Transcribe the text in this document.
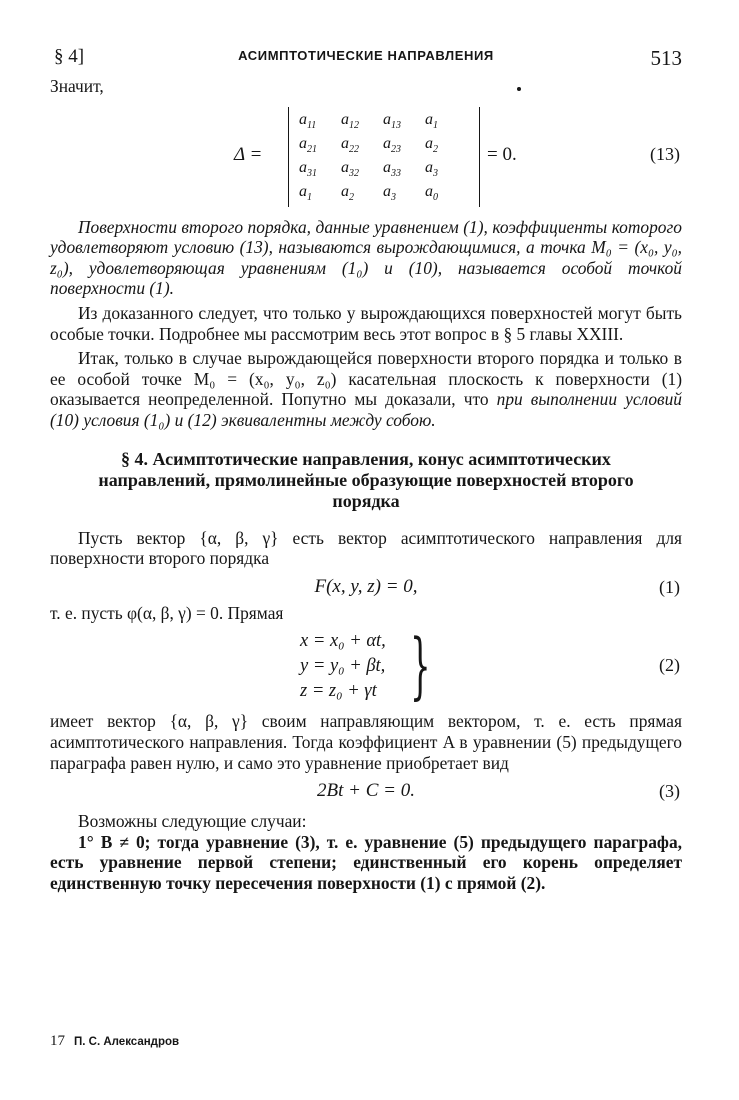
§ 4]	АСИМПТОТИЧЕСКИЕ НАПРАВЛЕНИЯ	513

Значит,

Δ =
$a_{11}$	$a_{12}$	$a_{13}$	$a_1$
$a_{21}$	$a_{22}$	$a_{23}$	$a_2$
$a_{31}$	$a_{32}$	$a_{33}$	$a_3$
$a_1$	$a_2$	$a_3$	$a_0$
= 0.	(13)

Поверхности второго порядка, данные уравнением (1), коэффициенты которого удовлетворяют условию (13), называются вырождающимися, а точка M₀ = (x₀, y₀, z₀), удовлетворяющая уравнениям (1₀) и (10), называется особой точкой поверхности (1).

Из доказанного следует, что только у вырождающихся поверхностей могут быть особые точки. Подробнее мы рассмотрим весь этот вопрос в § 5 главы XXIII.

Итак, только в случае вырождающейся поверхности второго порядка и только в ее особой точке M₀ = (x₀, y₀, z₀) касательная плоскость к поверхности (1) оказывается неопределенной. Попутно мы доказали, что при выполнении условий (10) условия (1₀) и (12) эквивалентны между собою.

§ 4. Асимптотические направления, конус асимптотических направлений, прямолинейные образующие поверхностей второго порядка

Пусть вектор {α, β, γ} есть вектор асимптотического направления для поверхности второго порядка

F(x, y, z) = 0,	(1)

т. е. пусть φ(α, β, γ) = 0. Прямая

x = x₀ + αt,
y = y₀ + βt,
z = z₀ + γt }	(2)

имеет вектор {α, β, γ} своим направляющим вектором, т. е. есть прямая асимптотического направления. Тогда коэффициент A в уравнении (5) предыдущего параграфа равен нулю, и само это уравнение приобретает вид

2Bt + C = 0.	(3)

Возможны следующие случаи:

1° B ≠ 0; тогда уравнение (3), т. е. уравнение (5) предыдущего параграфа, есть уравнение первой степени; единственный его корень определяет единственную точку пересечения поверхности (1) с прямой (2).

17 П. С. Александров
